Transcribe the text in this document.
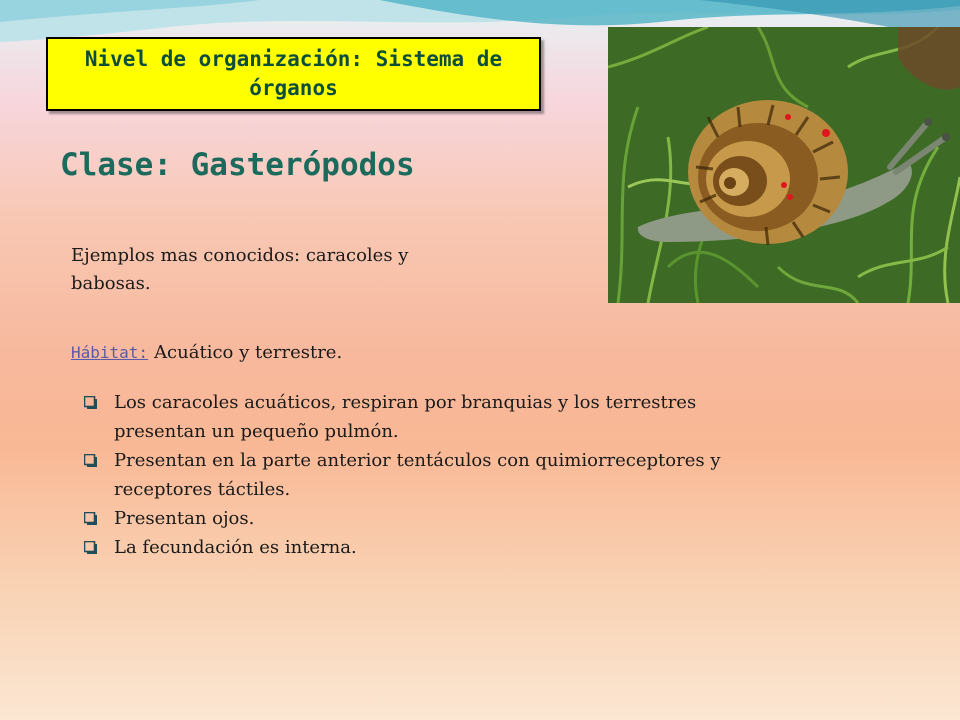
Nivel de organización: Sistema de órganos
Clase: Gasterópodos

Ejemplos mas conocidos: caracoles y babosas.

Hábitat: Acuático y terrestre.
Los caracoles acuáticos, respiran por branquias y los terrestres presentan un pequeño pulmón.
Presentan en la parte anterior tentáculos con quimiorreceptores y receptores táctiles.
Presentan ojos.
La fecundación es interna.
